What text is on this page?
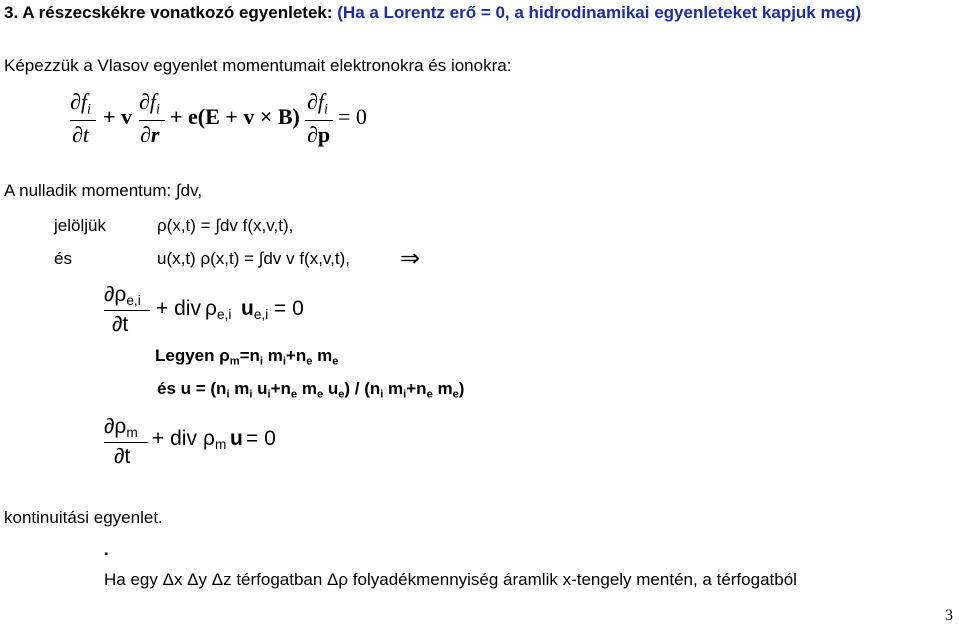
3. A részecskékre vonatkozó egyenletek: (Ha a Lorentz erő = 0, a hidrodinamikai egyenleteket kapjuk meg)
Képezzük a Vlasov egyenlet momentumait elektronokra és ionokra:
$\partial f_i$
∂t
+ v
$\partial f_i$
∂r
+ e(E + v × B)
$\partial f_i$
∂p
= 0
A nulladik momentum: ∫dv,
jelöljük	ρ(x,t) = ∫dv f(x,v,t),
és	u(x,t) ρ(x,t) = ∫dv v f(x,v,t), ⇒
$\partial\rho_{e,i}$
∂t
+ div $\rho_{e,i}$ $u_{e,i} = 0$
Legyen $\rho_m=n_i$ $m_i+n_e$ $m_e$
és $u = (n_i$ $m_i$ $u_i+n_e$ $m_e$ $u_e) / (n_i$ $m_i+n_e$ $m_e$)
$\partial\rho_m$
∂t
+ div $\rho_m$ u = 0
kontinuitási egyenlet.
.
Ha egy Δx Δy Δz térfogatban Δρ folyadékmennyiség áramlik x-tengely mentén, a térfogatból
3
